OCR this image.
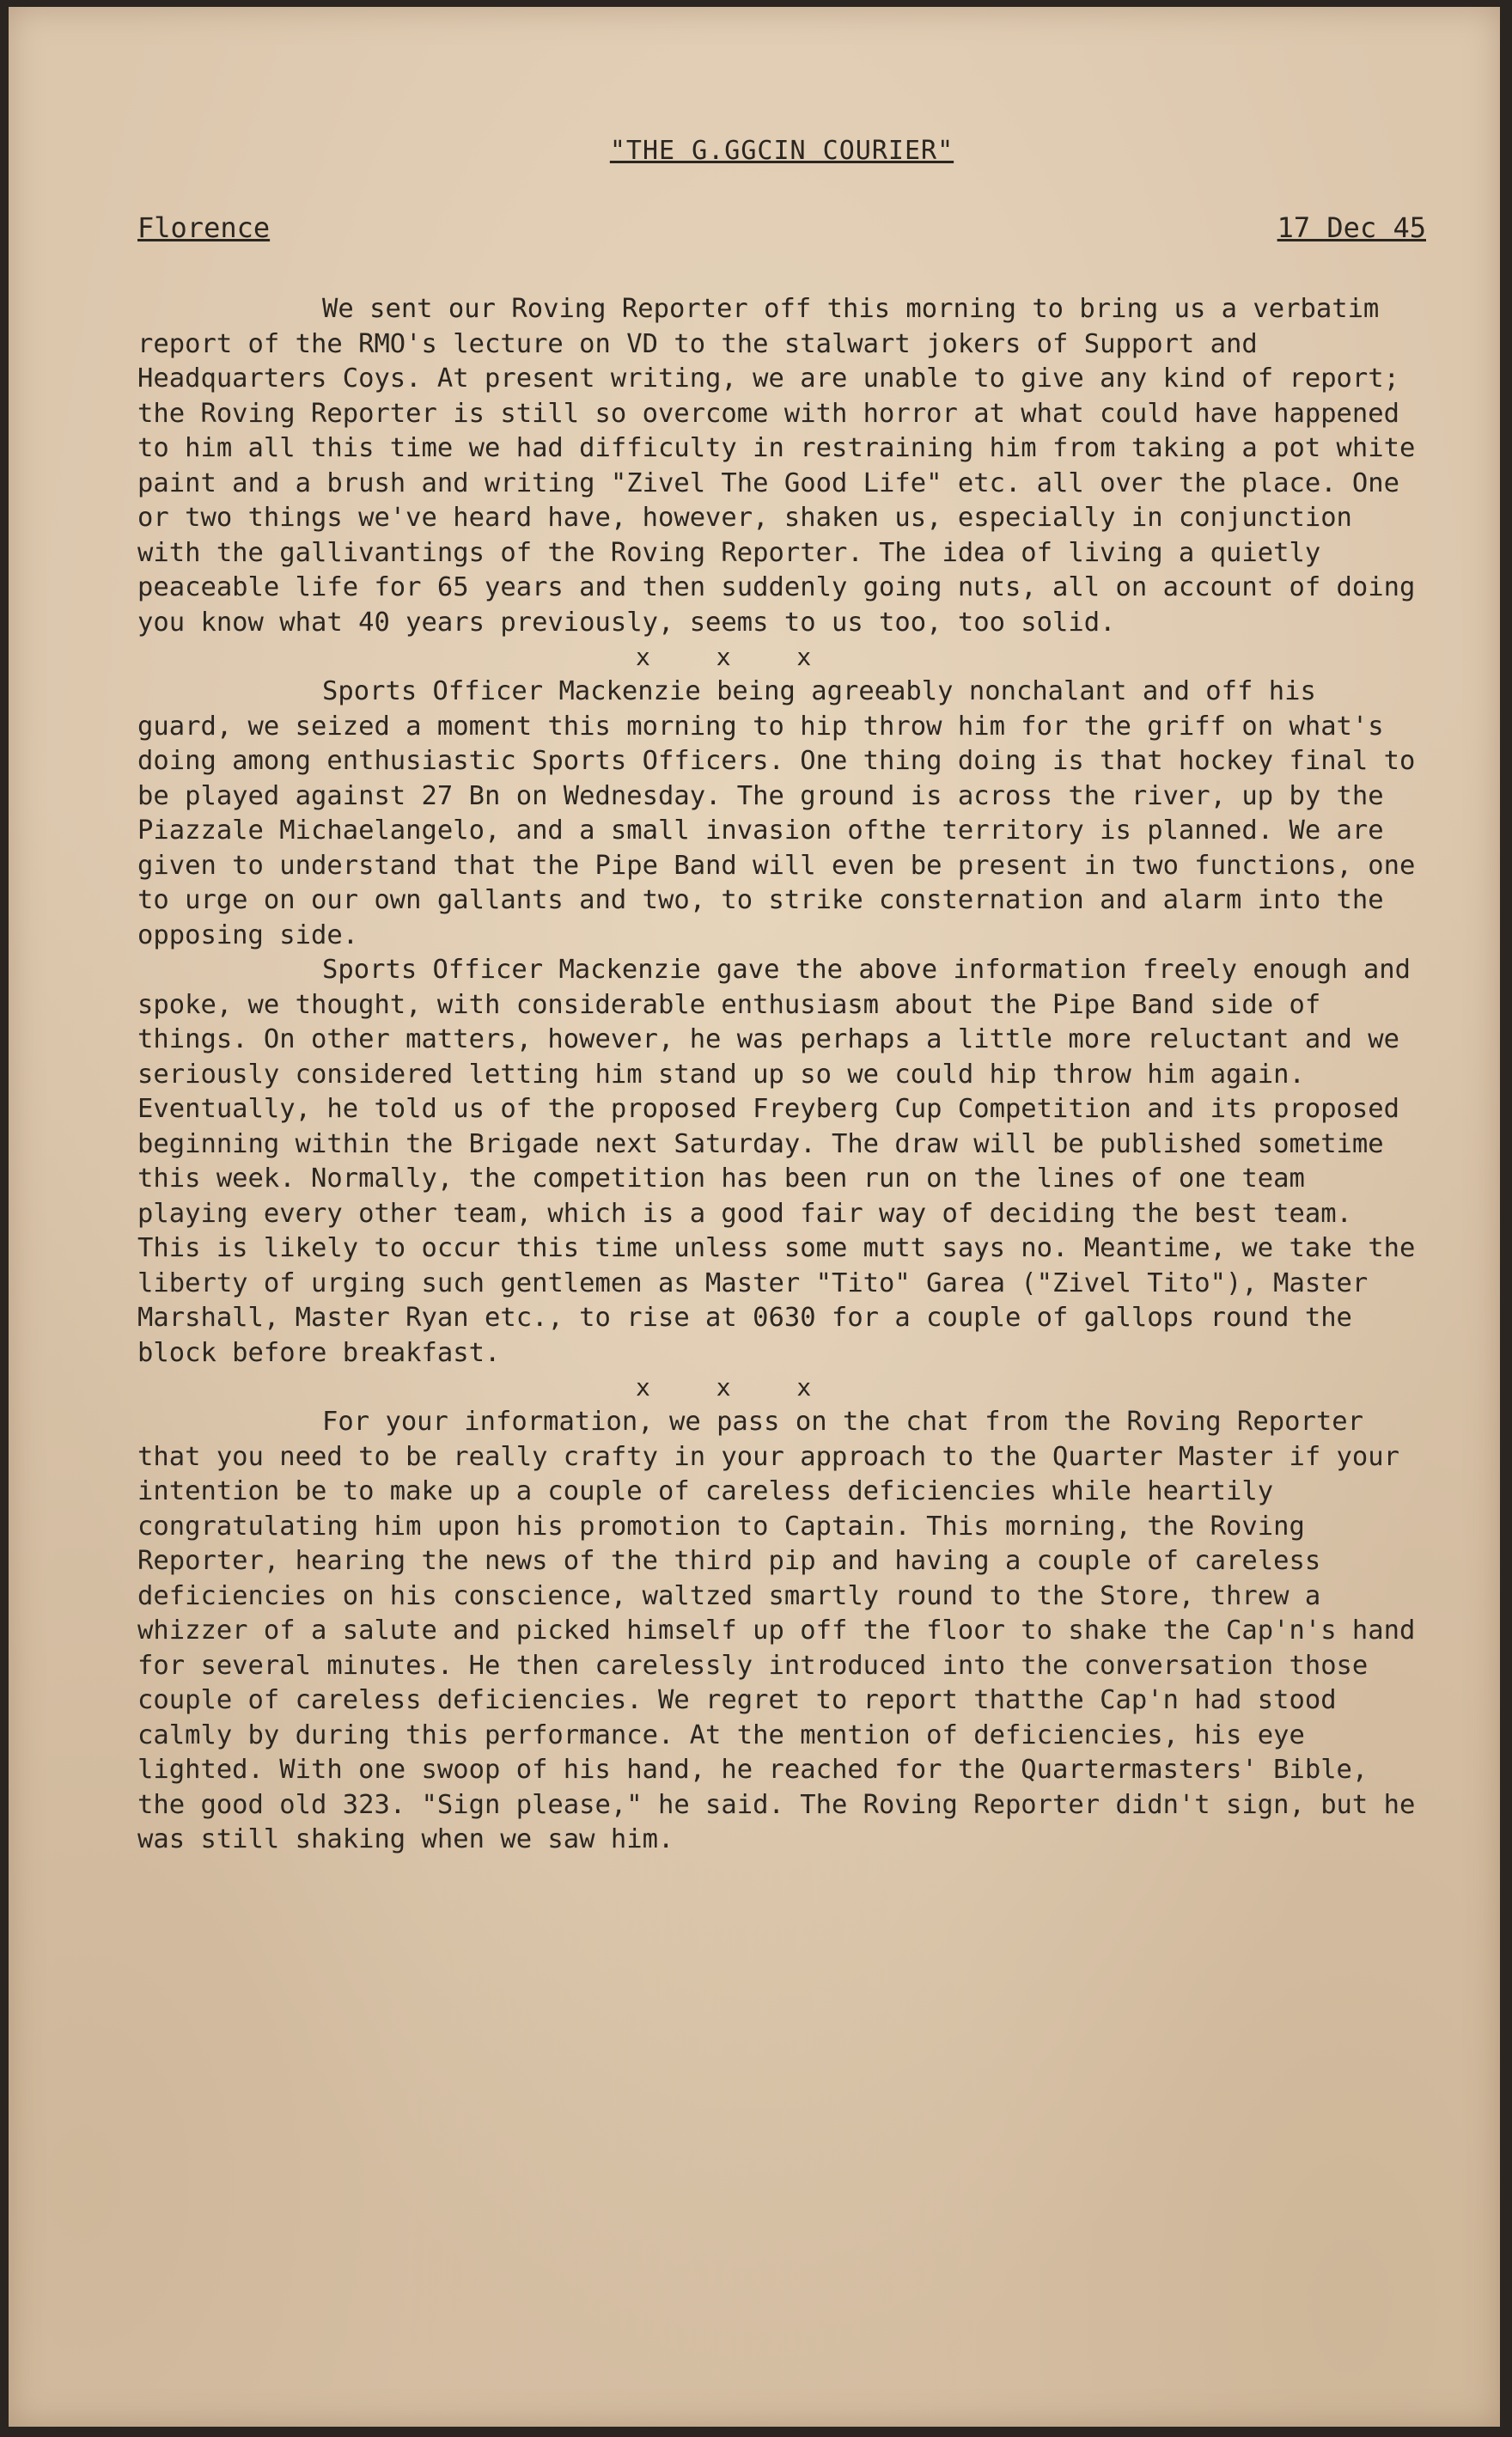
"THE G.GGCIN COURIER"
Florence	17 Dec 45

We sent our Roving Reporter off this morning to bring us a verbatim report of the RMO's lecture on VD to the stalwart jokers of Support and Headquarters Coys. At present writing, we are unable to give any kind of report; the Roving Reporter is still so overcome with horror at what could have happened to him all this time we had difficulty in restraining him from taking a pot white paint and a brush and writing "Zivel The Good Life" etc. all over the place. One or two things we've heard have, however, shaken us, especially in conjunction with the gallivantings of the Roving Reporter. The idea of living a quietly peaceable life for 65 years and then suddenly going nuts, all on account of doing you know what 40 years previously, seems to us too, too solid.

x x x

Sports Officer Mackenzie being agreeably nonchalant and off his guard, we seized a moment this morning to hip throw him for the griff on what's doing among enthusiastic Sports Officers. One thing doing is that hockey final to be played against 27 Bn on Wednesday. The ground is across the river, up by the Piazzale Michaelangelo, and a small invasion ofthe territory is planned. We are given to understand that the Pipe Band will even be present in two functions, one to urge on our own gallants and two, to strike consternation and alarm into the opposing side.

Sports Officer Mackenzie gave the above information freely enough and spoke, we thought, with considerable enthusiasm about the Pipe Band side of things. On other matters, however, he was perhaps a little more reluctant and we seriously considered letting him stand up so we could hip throw him again. Eventually, he told us of the proposed Freyberg Cup Competition and its proposed beginning within the Brigade next Saturday. The draw will be published sometime this week. Normally, the competition has been run on the lines of one team playing every other team, which is a good fair way of deciding the best team. This is likely to occur this time unless some mutt says no. Meantime, we take the liberty of urging such gentlemen as Master "Tito" Garea ("Zivel Tito"), Master Marshall, Master Ryan etc., to rise at 0630 for a couple of gallops round the block before breakfast.

x x x

For your information, we pass on the chat from the Roving Reporter that you need to be really crafty in your approach to the Quarter Master if your intention be to make up a couple of careless deficiencies while heartily congratulating him upon his promotion to Captain. This morning, the Roving Reporter, hearing the news of the third pip and having a couple of careless deficiencies on his conscience, waltzed smartly round to the Store, threw a whizzer of a salute and picked himself up off the floor to shake the Cap'n's hand for several minutes. He then carelessly introduced into the conversation those couple of careless deficiencies. We regret to report thatthe Cap'n had stood calmly by during this performance. At the mention of deficiencies, his eye lighted. With one swoop of his hand, he reached for the Quartermasters' Bible, the good old 323. "Sign please," he said. The Roving Reporter didn't sign, but he was still shaking when we saw him.
